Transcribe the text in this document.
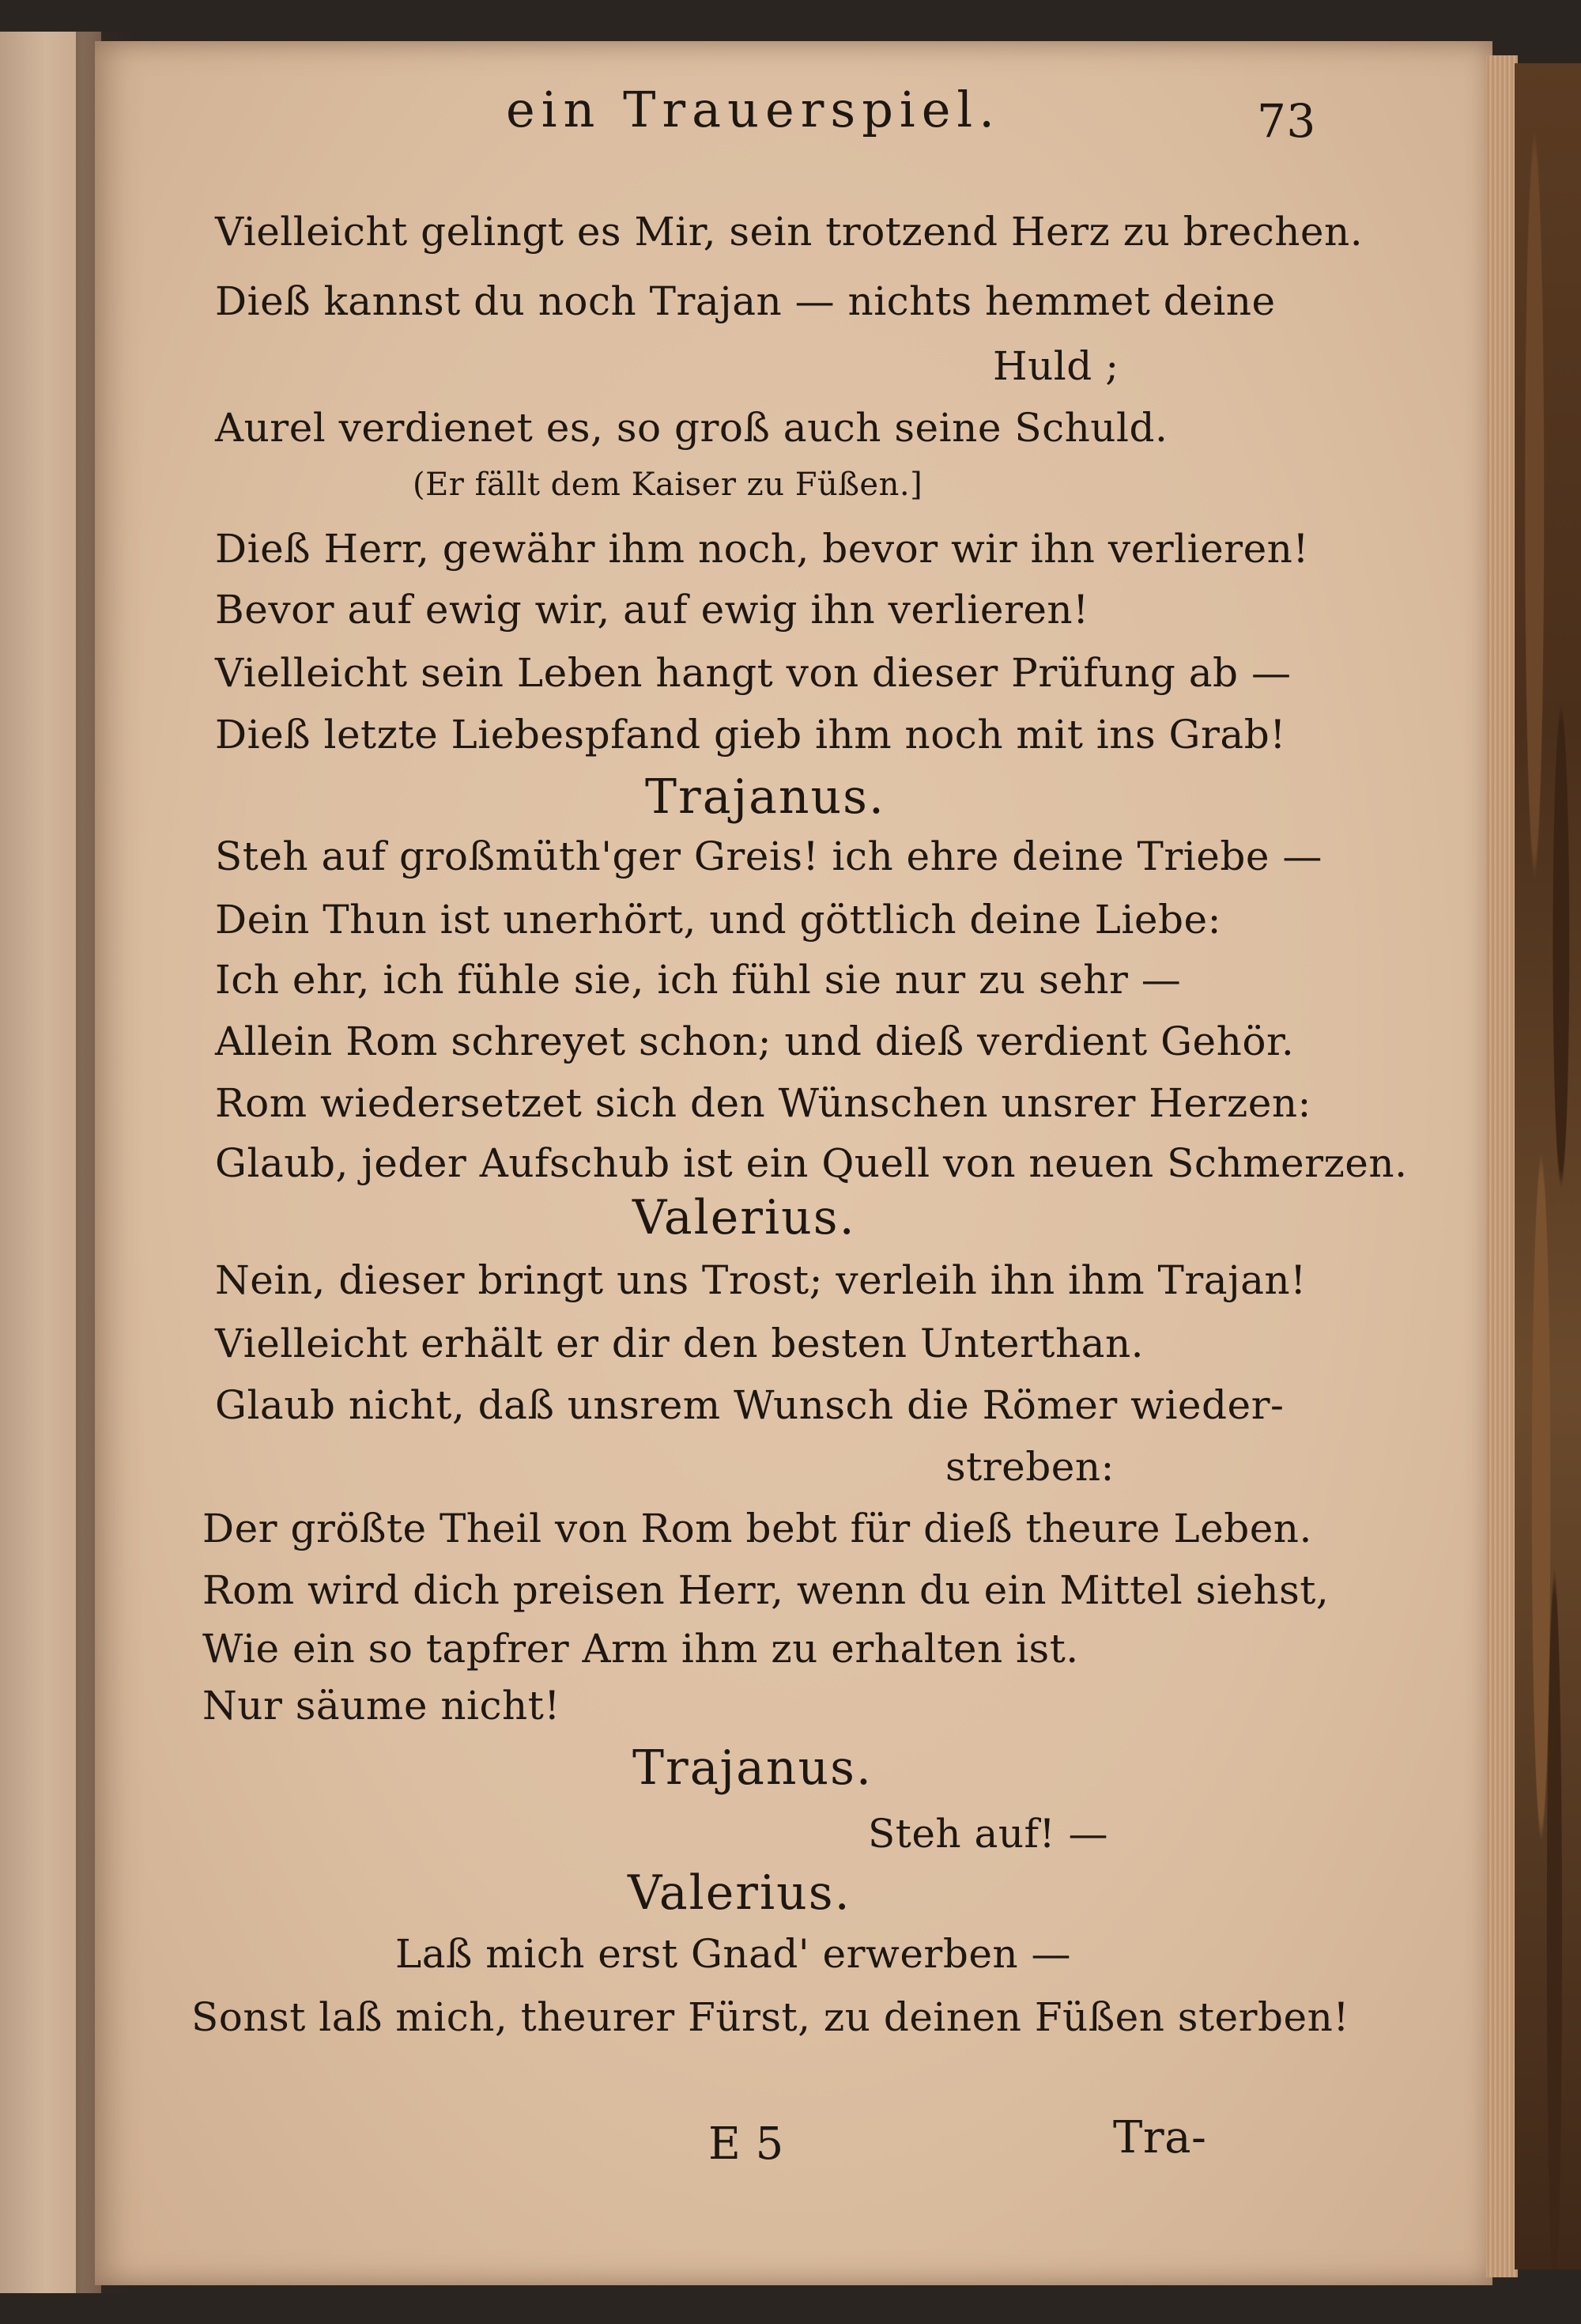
ein Trauerspiel.	73
Vielleicht gelingt es Mir, sein trotzend Herz zu brechen.
Dieß kannst du noch Trajan — nichts hemmet deine
Huld ;
Aurel verdienet es, so groß auch seine Schuld.
(Er fällt dem Kaiser zu Füßen.]
Dieß Herr, gewähr ihm noch, bevor wir ihn verlieren!
Bevor auf ewig wir, auf ewig ihn verlieren!
Vielleicht sein Leben hangt von dieser Prüfung ab —
Dieß letzte Liebespfand gieb ihm noch mit ins Grab!
Trajanus.
Steh auf großmüth'ger Greis! ich ehre deine Triebe —
Dein Thun ist unerhört, und göttlich deine Liebe:
Ich ehr, ich fühle sie, ich fühl sie nur zu sehr —
Allein Rom schreyet schon; und dieß verdient Gehör.
Rom wiedersetzet sich den Wünschen unsrer Herzen:
Glaub, jeder Aufschub ist ein Quell von neuen Schmerzen.
Valerius.
Nein, dieser bringt uns Trost; verleih ihn ihm Trajan!
Vielleicht erhält er dir den besten Unterthan.
Glaub nicht, daß unsrem Wunsch die Römer wieder-
streben:
Der größte Theil von Rom bebt für dieß theure Leben.
Rom wird dich preisen Herr, wenn du ein Mittel siehst,
Wie ein so tapfrer Arm ihm zu erhalten ist.
Nur säume nicht!
Trajanus.
Steh auf! —
Valerius.
Laß mich erst Gnad' erwerben —
Sonst laß mich, theurer Fürst, zu deinen Füßen sterben!
E 5	Tra-
